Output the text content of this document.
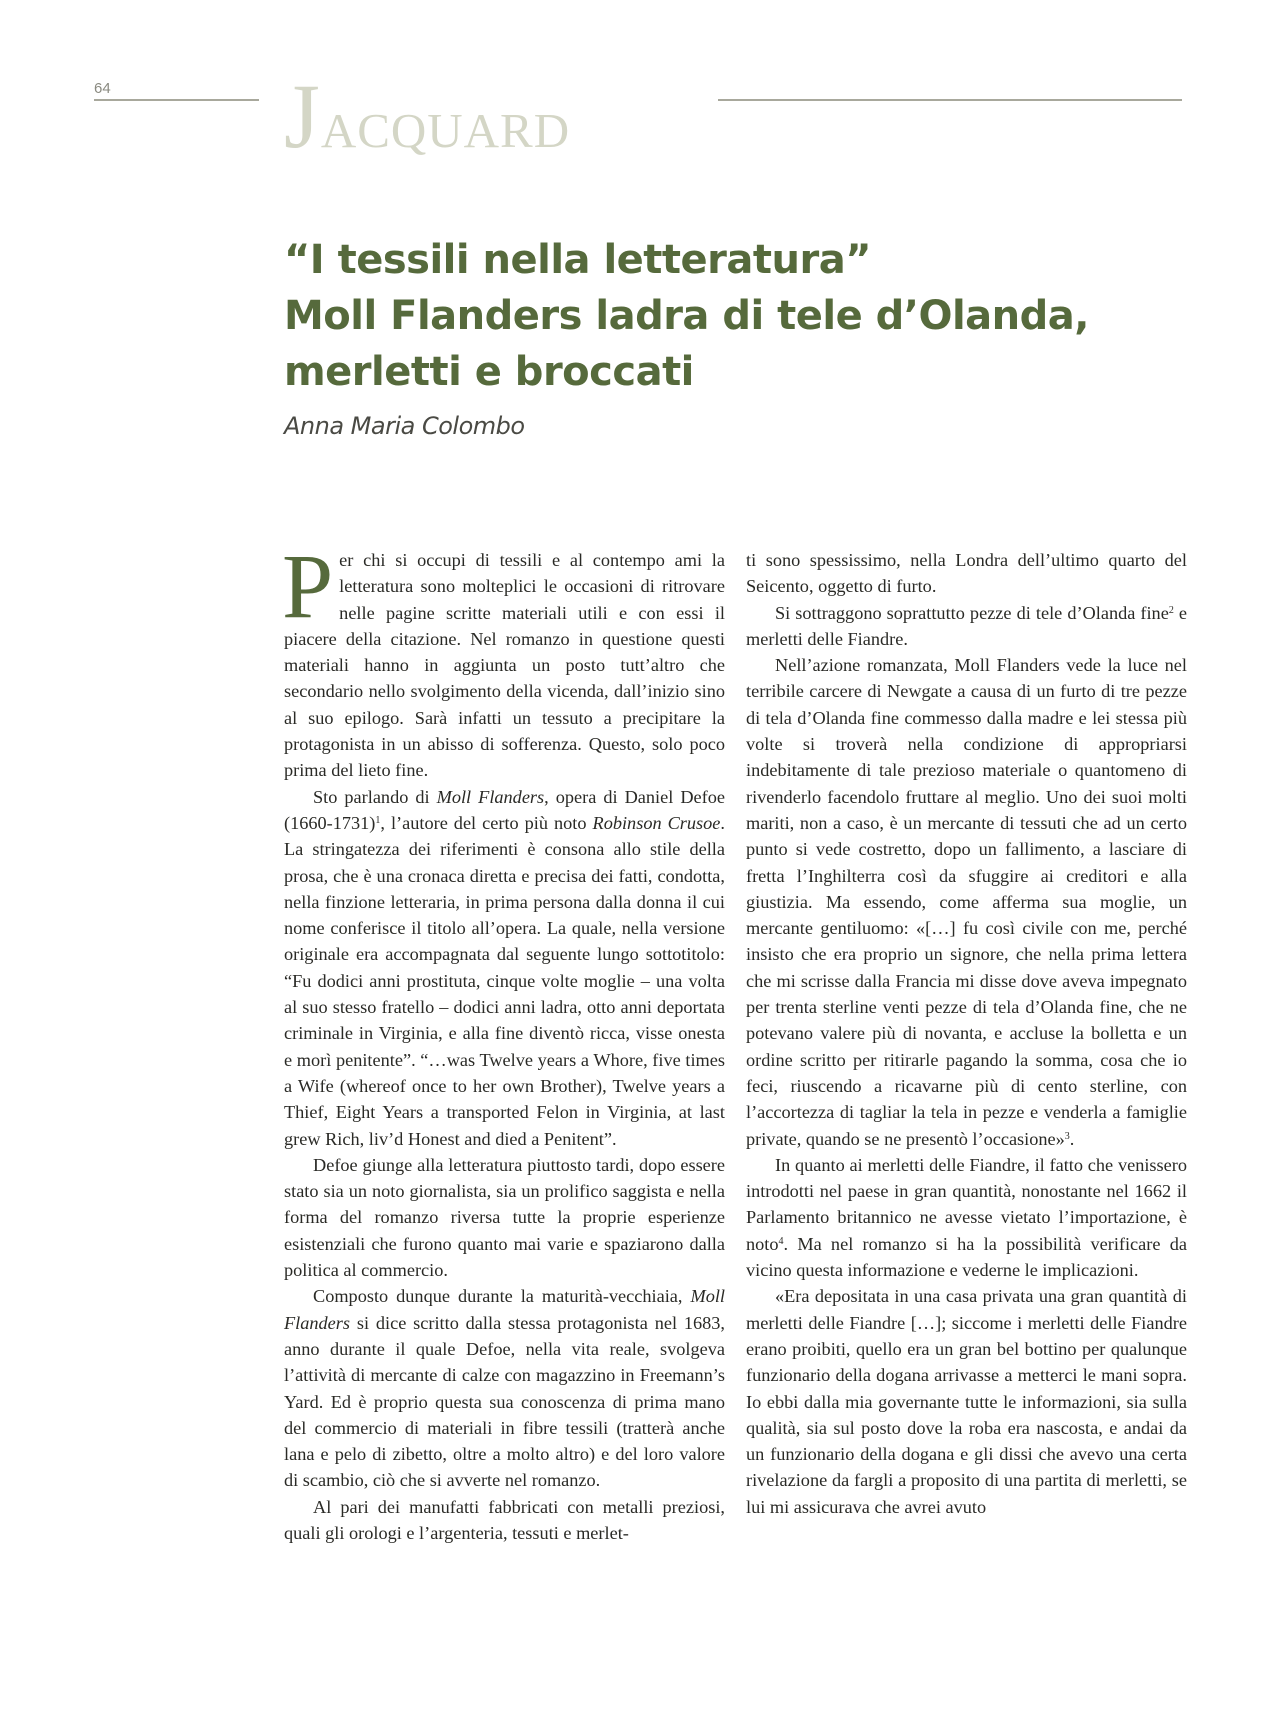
64 Jacquard
“I tessili nella letteratura”
Moll Flanders ladra di tele d’Olanda,
merletti e broccati
Anna Maria Colombo

Per chi si occupi di tessili e al contempo ami la letteratura sono molteplici le occasioni di ritrovare nelle pagine scritte materiali utili e con essi il piacere della citazione. Nel romanzo in questione questi materiali hanno in aggiunta un posto tutt’altro che secondario nello svolgimento della vicenda, dall’inizio sino al suo epilogo. Sarà infatti un tessuto a precipitare la protagonista in un abisso di sofferenza. Questo, solo poco prima del lieto fine.

Sto parlando di Moll Flanders, opera di Daniel Defoe (1660-1731)$^1$, l’autore del certo più noto Robinson Crusoe. La stringatezza dei riferimenti è consona allo stile della prosa, che è una cronaca diretta e precisa dei fatti, condotta, nella finzione letteraria, in prima persona dalla donna il cui nome conferisce il titolo all’opera. La quale, nella versione originale era accompagnata dal seguente lungo sottotitolo: “Fu dodici anni prostituta, cinque volte moglie – una volta al suo stesso fratello – dodici anni ladra, otto anni deportata criminale in Virginia, e alla fine diventò ricca, visse onesta e morì penitente”. “…was Twelve years a Whore, five times a Wife (whereof once to her own Brother), Twelve years a Thief, Eight Years a transported Felon in Virginia, at last grew Rich, liv’d Honest and died a Penitent”.

Defoe giunge alla letteratura piuttosto tardi, dopo essere stato sia un noto giornalista, sia un prolifico saggista e nella forma del romanzo riversa tutte la proprie esperienze esistenziali che furono quanto mai varie e spaziarono dalla politica al commercio.

Composto dunque durante la maturità-vecchiaia, Moll Flanders si dice scritto dalla stessa protagonista nel 1683, anno durante il quale Defoe, nella vita reale, svolgeva l’attività di mercante di calze con magazzino in Freemann’s Yard. Ed è proprio questa sua conoscenza di prima mano del commercio di materiali in fibre tessili (tratterà anche lana e pelo di zibetto, oltre a molto altro) e del loro valore di scambio, ciò che si avverte nel romanzo.

Al pari dei manufatti fabbricati con metalli preziosi, quali gli orologi e l’argenteria, tessuti e merlet-

ti sono spessissimo, nella Londra dell’ultimo quarto del Seicento, oggetto di furto.

Si sottraggono soprattutto pezze di tele d’Olanda fine$^2$ e merletti delle Fiandre.

Nell’azione romanzata, Moll Flanders vede la luce nel terribile carcere di Newgate a causa di un furto di tre pezze di tela d’Olanda fine commesso dalla madre e lei stessa più volte si troverà nella condizione di appropriarsi indebitamente di tale prezioso materiale o quantomeno di rivenderlo facendolo fruttare al meglio. Uno dei suoi molti mariti, non a caso, è un mercante di tessuti che ad un certo punto si vede costretto, dopo un fallimento, a lasciare di fretta l’Inghilterra così da sfuggire ai creditori e alla giustizia. Ma essendo, come afferma sua moglie, un mercante gentiluomo: «[…] fu così civile con me, perché insisto che era proprio un signore, che nella prima lettera che mi scrisse dalla Francia mi disse dove aveva impegnato per trenta sterline venti pezze di tela d’Olanda fine, che ne potevano valere più di novanta, e accluse la bolletta e un ordine scritto per ritirarle pagando la somma, cosa che io feci, riuscendo a ricavarne più di cento sterline, con l’accortezza di tagliar la tela in pezze e venderla a famiglie private, quando se ne presentò l’occasione»$^3$.

In quanto ai merletti delle Fiandre, il fatto che venissero introdotti nel paese in gran quantità, nonostante nel 1662 il Parlamento britannico ne avesse vietato l’importazione, è noto$^4$. Ma nel romanzo si ha la possibilità verificare da vicino questa informazione e vederne le implicazioni.

«Era depositata in una casa privata una gran quantità di merletti delle Fiandre […]; siccome i merletti delle Fiandre erano proibiti, quello era un gran bel bottino per qualunque funzionario della dogana arrivasse a metterci le mani sopra. Io ebbi dalla mia governante tutte le informazioni, sia sulla qualità, sia sul posto dove la roba era nascosta, e andai da un funzionario della dogana e gli dissi che avevo una certa rivelazione da fargli a proposito di una partita di merletti, se lui mi assicurava che avrei avuto
